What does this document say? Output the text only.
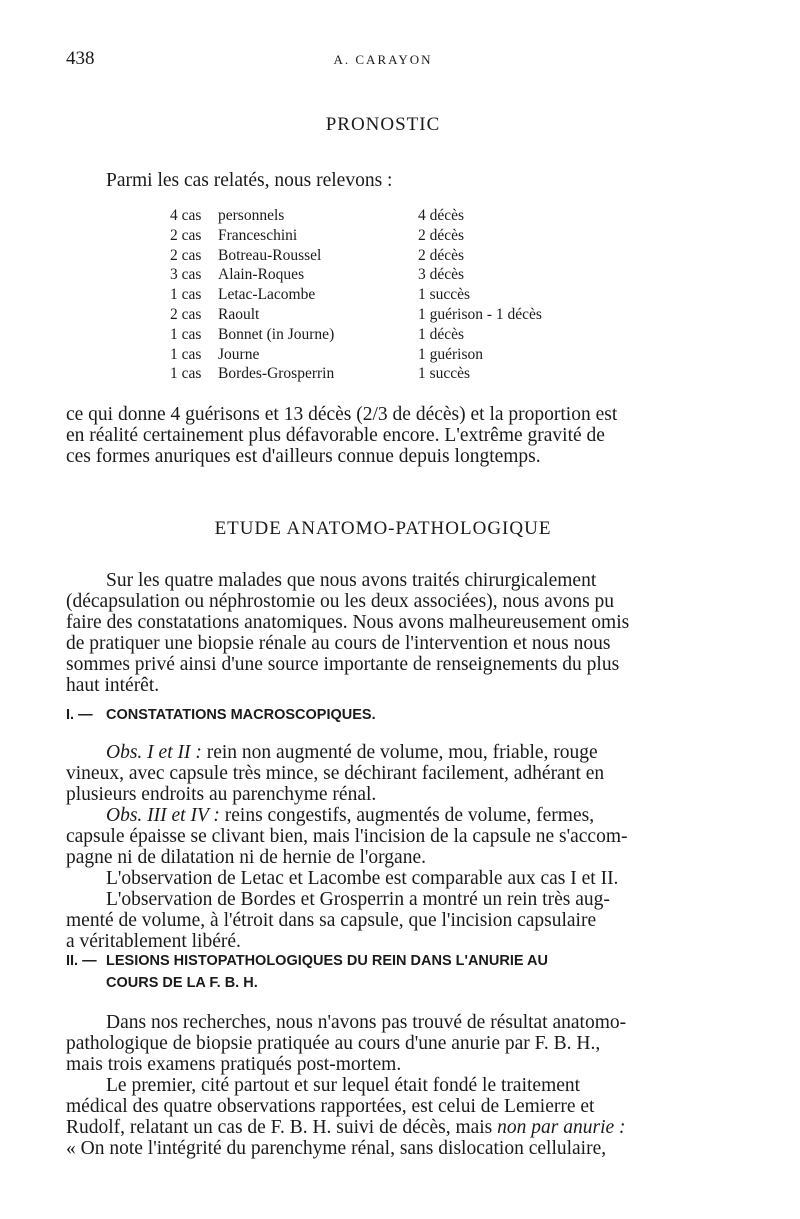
438	A. CARAYON
PRONOSTIC

Parmi les cas relatés, nous relevons :

4 cas	personnels	4 décès
2 cas	Franceschini	2 décès
2 cas	Botreau-Roussel	2 décès
3 cas	Alain-Roques	3 décès
1 cas	Letac-Lacombe	1 succès
2 cas	Raoult	1 guérison - 1 décès
1 cas	Bonnet (in Journe)	1 décès
1 cas	Journe	1 guérison
1 cas	Bordes-Grosperrin	1 succès

ce qui donne 4 guérisons et 13 décès (2/3 de décès) et la proportion est
en réalité certainement plus défavorable encore. L'extrême gravité de
ces formes anuriques est d'ailleurs connue depuis longtemps.

ETUDE ANATOMO-PATHOLOGIQUE

Sur les quatre malades que nous avons traités chirurgicalement
(décapsulation ou néphrostomie ou les deux associées), nous avons pu
faire des constatations anatomiques. Nous avons malheureusement omis
de pratiquer une biopsie rénale au cours de l'intervention et nous nous
sommes privé ainsi d'une source importante de renseignements du plus
haut intérêt.

I. — CONSTATATIONS MACROSCOPIQUES.

Obs. I et II : rein non augmenté de volume, mou, friable, rouge
vineux, avec capsule très mince, se déchirant facilement, adhérant en
plusieurs endroits au parenchyme rénal.

Obs. III et IV : reins congestifs, augmentés de volume, fermes,
capsule épaisse se clivant bien, mais l'incision de la capsule ne s'accom-
pagne ni de dilatation ni de hernie de l'organe.

L'observation de Letac et Lacombe est comparable aux cas I et II.

L'observation de Bordes et Grosperrin a montré un rein très aug-
menté de volume, à l'étroit dans sa capsule, que l'incision capsulaire
a véritablement libéré.

II. — LESIONS HISTOPATHOLOGIQUES DU REIN DANS L'ANURIE AU
COURS DE LA F. B. H.

Dans nos recherches, nous n'avons pas trouvé de résultat anatomo-
pathologique de biopsie pratiquée au cours d'une anurie par F. B. H.,
mais trois examens pratiqués post-mortem.

Le premier, cité partout et sur lequel était fondé le traitement
médical des quatre observations rapportées, est celui de Lemierre et
Rudolf, relatant un cas de F. B. H. suivi de décès, mais non par anurie :
« On note l'intégrité du parenchyme rénal, sans dislocation cellulaire,
